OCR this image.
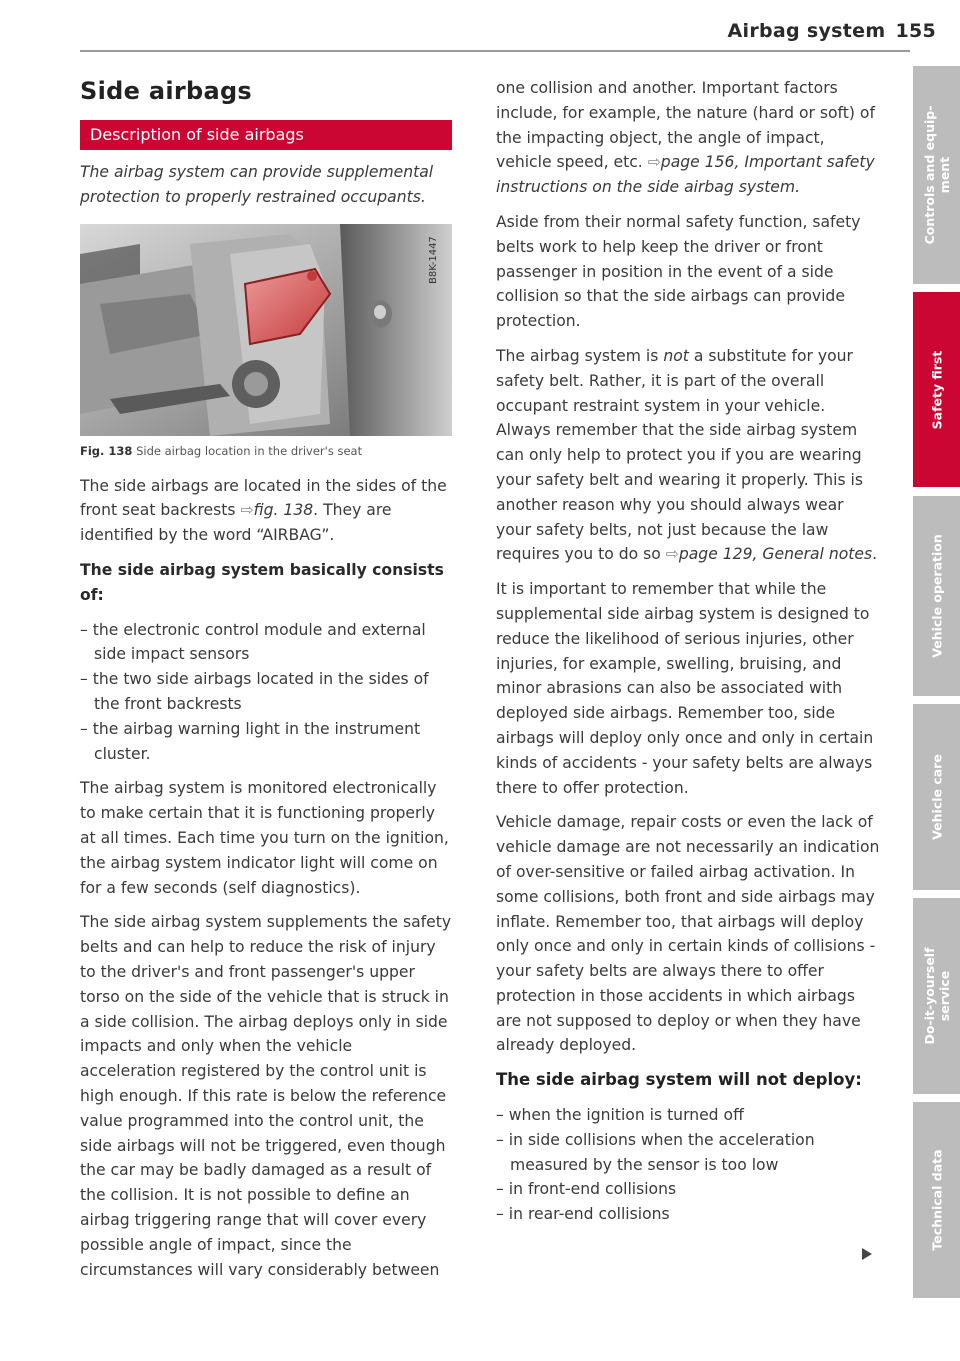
Airbag system 155
Side airbags
Description of side airbags

The airbag system can provide supplemental protection to properly restrained occupants.

B8K-1447
Fig. 138 Side airbag location in the driver's seat

The side airbags are located in the sides of the front seat backrests ⇨fig. 138. They are identified by the word “AIRBAG”.

The side airbag system basically consists of:

– the electronic control module and external side impact sensors
– the two side airbags located in the sides of the front backrests
– the airbag warning light in the instrument cluster.

The airbag system is monitored electronically to make certain that it is functioning properly at all times. Each time you turn on the ignition, the airbag system indicator light will come on for a few seconds (self diagnostics).

The side airbag system supplements the safety belts and can help to reduce the risk of injury to the driver's and front passenger's upper torso on the side of the vehicle that is struck in a side collision. The airbag deploys only in side impacts and only when the vehicle acceleration registered by the control unit is high enough. If this rate is below the reference value programmed into the control unit, the side airbags will not be triggered, even though the car may be badly damaged as a result of the collision. It is not possible to define an airbag triggering range that will cover every possible angle of impact, since the circumstances will vary considerably between

one collision and another. Important factors include, for example, the nature (hard or soft) of the impacting object, the angle of impact, vehicle speed, etc. ⇨page 156, Important safety instructions on the side airbag system.

Aside from their normal safety function, safety belts work to help keep the driver or front passenger in position in the event of a side collision so that the side airbags can provide protection.

The airbag system is not a substitute for your safety belt. Rather, it is part of the overall occupant restraint system in your vehicle. Always remember that the side airbag system can only help to protect you if you are wearing your safety belt and wearing it properly. This is another reason why you should always wear your safety belts, not just because the law requires you to do so ⇨page 129, General notes.

It is important to remember that while the supplemental side airbag system is designed to reduce the likelihood of serious injuries, other injuries, for example, swelling, bruising, and minor abrasions can also be associated with deployed side airbags. Remember too, side airbags will deploy only once and only in certain kinds of accidents - your safety belts are always there to offer protection.

Vehicle damage, repair costs or even the lack of vehicle damage are not necessarily an indication of over-sensitive or failed airbag activation. In some collisions, both front and side airbags may inflate. Remember too, that airbags will deploy only once and only in certain kinds of collisions - your safety belts are always there to offer protection in those accidents in which airbags are not supposed to deploy or when they have already deployed.

The side airbag system will not deploy:

– when the ignition is turned off
– in side collisions when the acceleration measured by the sensor is too low
– in front-end collisions
– in rear-end collisions
Controls and equip-
ment
Safety first
Vehicle operation
Vehicle care
Do-it-yourself
service
Technical data
